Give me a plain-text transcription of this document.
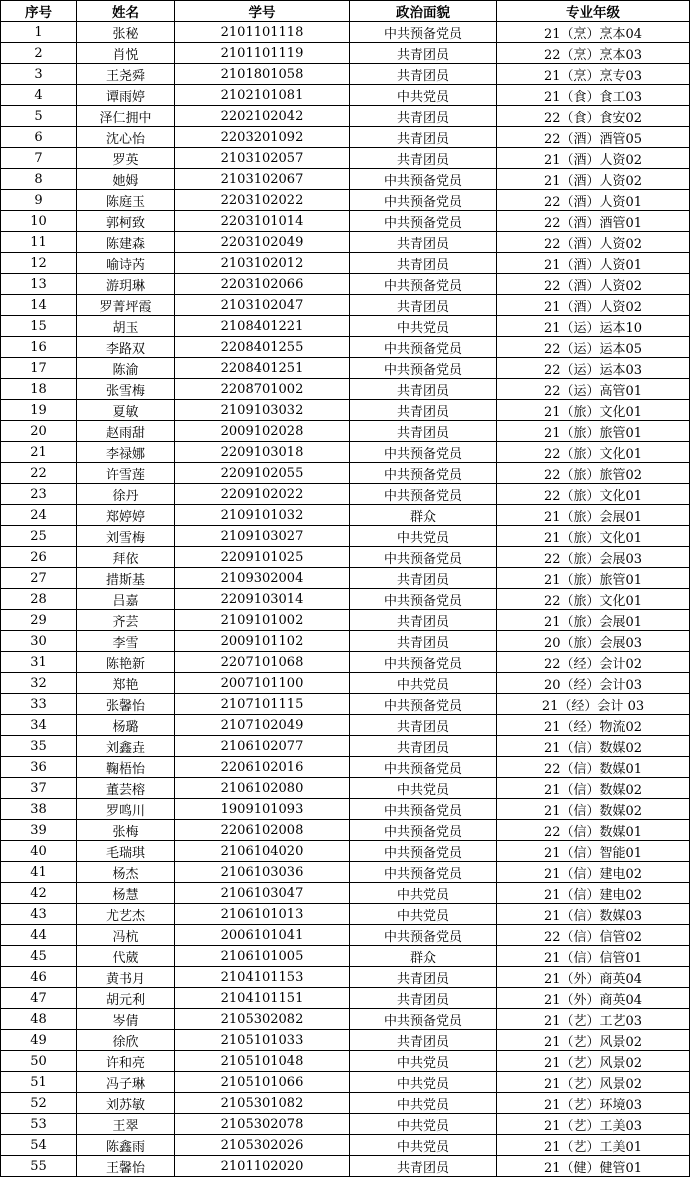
序号	姓名	学号	政治面貌	专业年级
1	张秘	2101101118	中共预备党员	21（烹）烹本04
2	肖悦	2101101119	共青团员	22（烹）烹本03
3	王尧舜	2101801058	共青团员	21（烹）烹专03
4	谭雨婷	2102101081	中共党员	21（食）食工03
5	泽仁拥中	2202102042	共青团员	22（食）食安02
6	沈心怡	2203201092	共青团员	22（酒）酒管05
7	罗英	2103102057	共青团员	21（酒）人资02
8	她姆	2103102067	中共预备党员	21（酒）人资02
9	陈庭玉	2203102022	中共预备党员	22（酒）人资01
10	郭柯致	2203101014	中共预备党员	22（酒）酒管01
11	陈建森	2203102049	共青团员	22（酒）人资02
12	喻诗芮	2103102012	共青团员	21（酒）人资01
13	游玥琳	2203102066	中共预备党员	22（酒）人资02
14	罗菁坪霞	2103102047	共青团员	21（酒）人资02
15	胡玉	2108401221	中共党员	21（运）运本10
16	李路双	2208401255	中共预备党员	22（运）运本05
17	陈渝	2208401251	中共预备党员	22（运）运本03
18	张雪梅	2208701002	共青团员	22（运）高管01
19	夏敏	2109103032	共青团员	21（旅）文化01
20	赵雨甜	2009102028	共青团员	21（旅）旅管01
21	李禄娜	2209103018	中共预备党员	22（旅）文化01
22	许雪莲	2209102055	中共预备党员	22（旅）旅管02
23	徐丹	2209102022	中共预备党员	22（旅）文化01
24	郑婷婷	2109101032	群众	21（旅）会展01
25	刘雪梅	2109103027	中共党员	21（旅）文化01
26	拜依	2209101025	中共预备党员	22（旅）会展03
27	措斯基	2109302004	共青团员	21（旅）旅管01
28	吕嘉	2209103014	中共预备党员	22（旅）文化01
29	齐芸	2109101002	共青团员	21（旅）会展01
30	李雪	2009101102	共青团员	20（旅）会展03
31	陈艳新	2207101068	中共预备党员	22（经）会计02
32	郑艳	2007101100	中共党员	20（经）会计03
33	张馨怡	2107101115	中共预备党员	21（经）会计 03
34	杨璐	2107102049	共青团员	21（经）物流02
35	刘鑫垚	2106102077	共青团员	21（信）数媒02
36	鞠梧怡	2206102016	中共预备党员	22（信）数媒01
37	董芸榕	2106102080	中共党员	21（信）数媒02
38	罗鸣川	1909101093	中共预备党员	21（信）数媒02
39	张梅	2206102008	中共预备党员	22（信）数媒01
40	毛瑞琪	2106104020	中共预备党员	21（信）智能01
41	杨杰	2106103036	中共预备党员	21（信）建电02
42	杨慧	2106103047	中共党员	21（信）建电02
43	尤艺杰	2106101013	中共党员	21（信）数媒03
44	冯杭	2006101041	中共预备党员	22（信）信管02
45	代葳	2106101005	群众	21（信）信管01
46	黄书月	2104101153	共青团员	21（外）商英04
47	胡元利	2104101151	共青团员	21（外）商英04
48	岑倩	2105302082	中共预备党员	21（艺）工艺03
49	徐欣	2105101033	共青团员	21（艺）风景02
50	许和亮	2105101048	中共党员	21（艺）风景02
51	冯子琳	2105101066	中共党员	21（艺）风景02
52	刘苏敏	2105301082	中共党员	21（艺）环境03
53	王翠	2105302078	中共党员	21（艺）工美03
54	陈鑫雨	2105302026	中共党员	21（艺）工美01
55	王馨怡	2101102020	共青团员	21（健）健管01
